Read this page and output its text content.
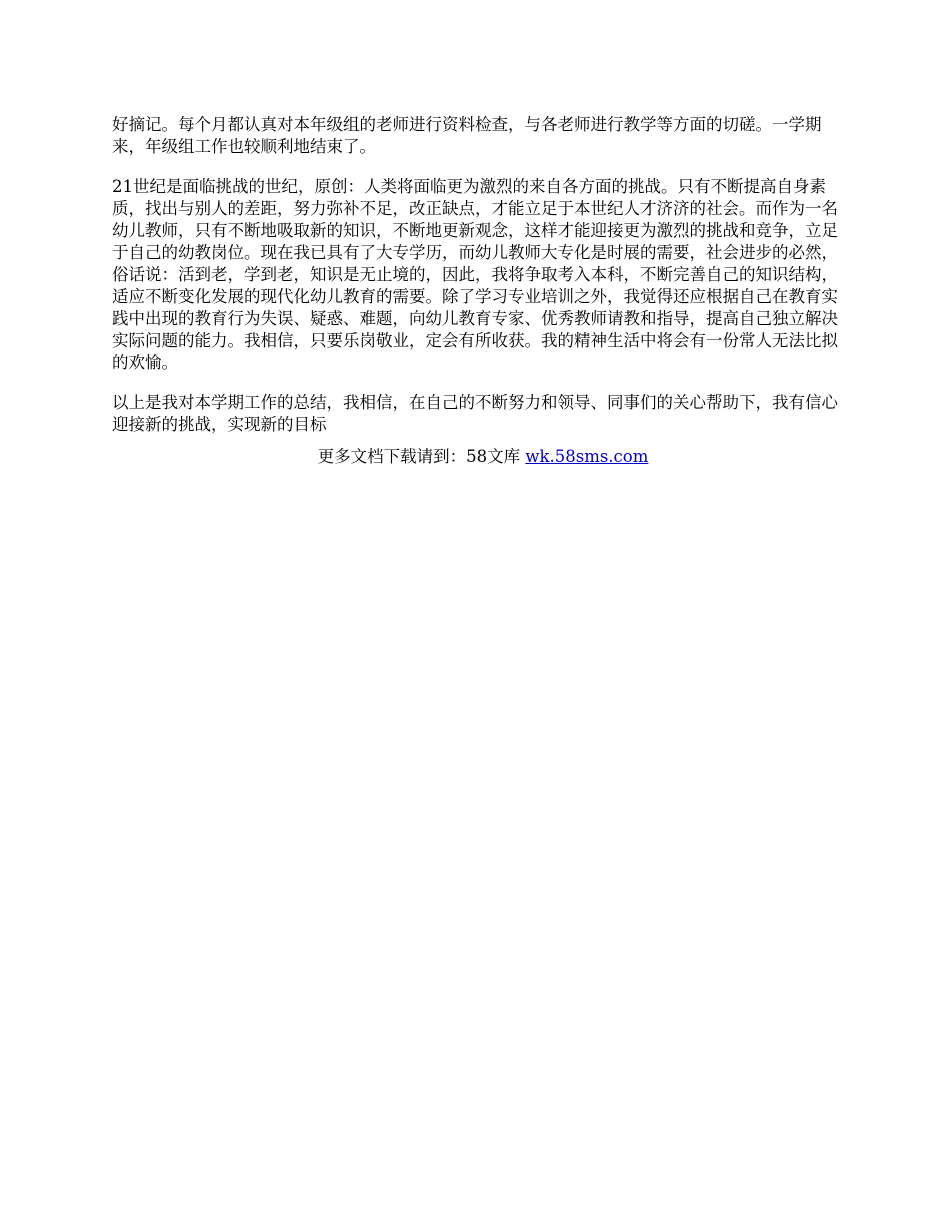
好摘记。每个月都认真对本年级组的老师进行资料检查，与各老师进行教学等方面的切磋。一学期来，年级组工作也较顺利地结束了。

21世纪是面临挑战的世纪，原创：人类将面临更为激烈的来自各方面的挑战。只有不断提高自身素质，找出与别人的差距，努力弥补不足，改正缺点，才能立足于本世纪人才济济的社会。而作为一名幼儿教师，只有不断地吸取新的知识，不断地更新观念，这样才能迎接更为激烈的挑战和竞争，立足于自己的幼教岗位。现在我已具有了大专学历，而幼儿教师大专化是时展的需要，社会进步的必然，俗话说：活到老，学到老，知识是无止境的，因此，我将争取考入本科，不断完善自己的知识结构，适应不断变化发展的现代化幼儿教育的需要。除了学习专业培训之外，我觉得还应根据自己在教育实践中出现的教育行为失误、疑惑、难题，向幼儿教育专家、优秀教师请教和指导，提高自己独立解决实际问题的能力。我相信，只要乐岗敬业，定会有所收获。我的精神生活中将会有一份常人无法比拟的欢愉。

以上是我对本学期工作的总结，我相信，在自己的不断努力和领导、同事们的关心帮助下，我有信心迎接新的挑战，实现新的目标

更多文档下载请到：58文库 wk.58sms.com
